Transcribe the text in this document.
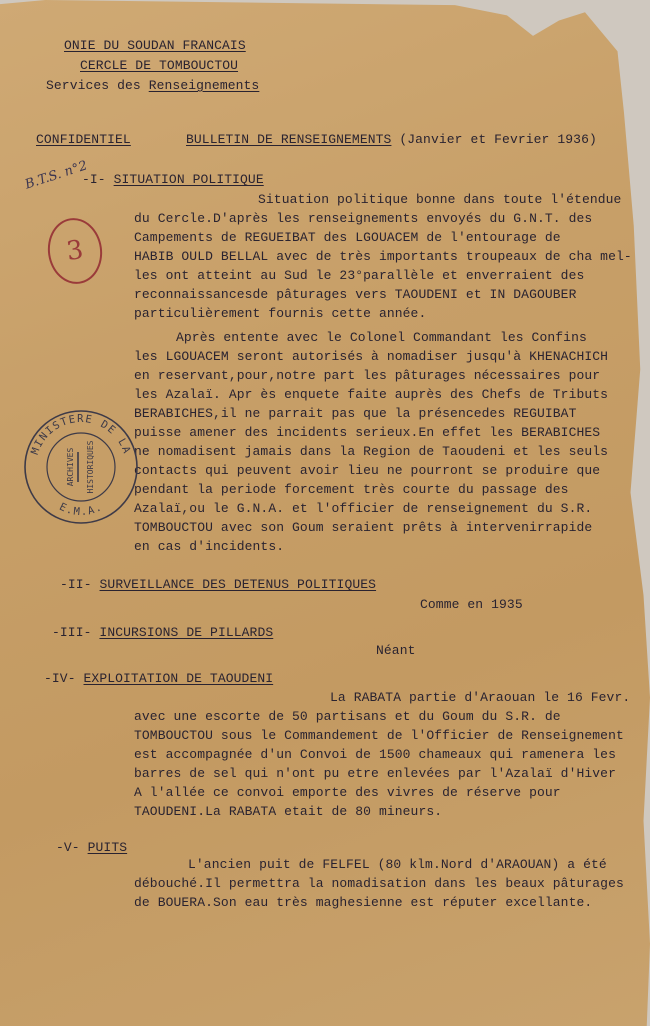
ONIE DU SOUDAN FRANCAIS
CERCLE DE TOMBOUCTOU
Services des Renseignements
CONFIDENTIEL	BULLETIN DE RENSEIGNEMENTS (Janvier et Fevrier 1936)
B.T.S. n°2
-I- SITUATION POLITIQUE
Situation politique bonne dans toute l'étendue
du Cercle.D'après les renseignements envoyés du G.N.T. des
Campements de REGUEIBAT des LGOUACEM de l'entourage de
HABIB OULD BELLAL avec de très importants troupeaux de cha mel-
les ont atteint au Sud le 23°parallèle et enverraient des
reconnaissancesde pâturages vers TAOUDENI et IN DAGOUBER
particulièrement fournis cette année.
3
Après entente avec le Colonel Commandant les Confins
les LGOUACEM seront autorisés à nomadiser jusqu'à KHENACHICH
en reservant,pour,notre part les pâturages nécessaires pour
les Azalaï. Apr ès enquete faite auprès des Chefs de Tributs
BERABICHES,il ne parrait pas que la présencedes REGUIBAT
puisse amener des incidents serieux.En effet les BERABICHES
ne nomadisent jamais dans la Region de Taoudeni et les seuls
contacts qui peuvent avoir lieu ne pourront se produire que
pendant la periode forcement très courte du passage des
Azalaï,ou le G.N.A. et l'officier de renseignement du S.R.
TOMBOUCTOU avec son Goum seraient prêts à intervenirrapide
en cas d'incidents.
MINISTERE DE LA
E.M.A.
ARCHIVES HISTORIQUES
-II- SURVEILLANCE DES DETENUS POLITIQUES
Comme en 1935
-III- INCURSIONS DE PILLARDS
Néant
-IV- EXPLOITATION DE TAOUDENI
La RABATA partie d'Araouan le 16 Fevr.
avec une escorte de 50 partisans et du Goum du S.R. de
TOMBOUCTOU sous le Commandement de l'Officier de Renseignement
est accompagnée d'un Convoi de 1500 chameaux qui ramenera les
barres de sel qui n'ont pu etre enlevées par l'Azalaï d'Hiver
A l'allée ce convoi emporte des vivres de réserve pour
TAOUDENI.La RABATA etait de 80 mineurs.
-V- PUITS
L'ancien puit de FELFEL (80 klm.Nord d'ARAOUAN) a été
débouché.Il permettra la nomadisation dans les beaux pâturages
de BOUERA.Son eau très maghesienne est réputer excellante.
